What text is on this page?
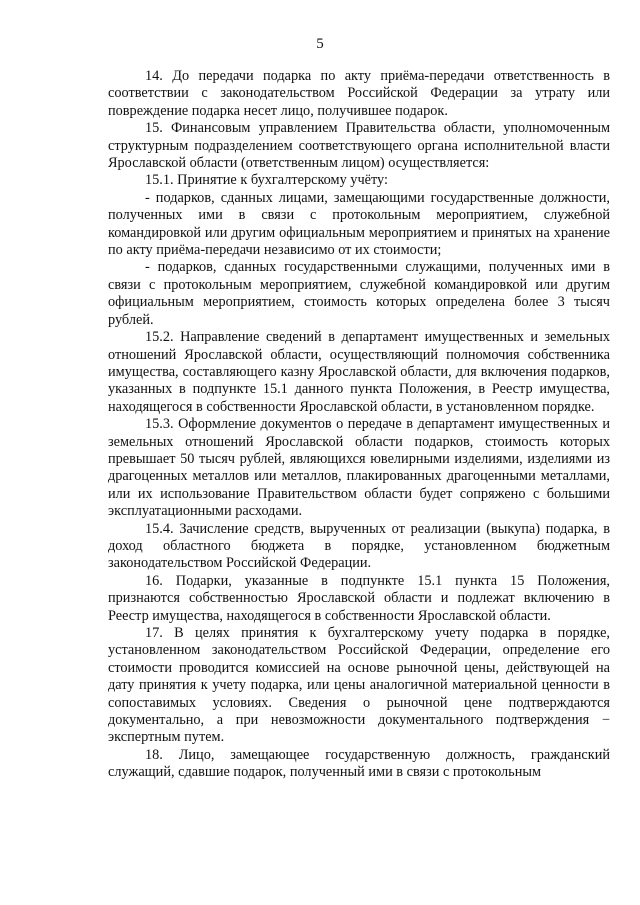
5

14. До передачи подарка по акту приёма-передачи ответственность в соответствии с законодательством Российской Федерации за утрату или повреждение подарка несет лицо, получившее подарок.

15. Финансовым управлением Правительства области, уполномоченным структурным подразделением соответствующего органа исполнительной власти Ярославской области (ответственным лицом) осуществляется:

15.1. Принятие к бухгалтерскому учёту:

- подарков, сданных лицами, замещающими государственные должности, полученных ими в связи с протокольным мероприятием, служебной командировкой или другим официальным мероприятием и принятых на хранение по акту приёма-передачи независимо от их стоимости;

- подарков, сданных государственными служащими, полученных ими в связи с протокольным мероприятием, служебной командировкой или другим официальным мероприятием, стоимость которых определена более 3 тысяч рублей.

15.2. Направление сведений в департамент имущественных и земельных отношений Ярославской области, осуществляющий полномочия собственника имущества, составляющего казну Ярославской области, для включения подарков, указанных в подпункте 15.1 данного пункта Положения, в Реестр имущества, находящегося в собственности Ярославской области, в установленном порядке.

15.3. Оформление документов о передаче в департамент имущественных и земельных отношений Ярославской области подарков, стоимость которых превышает 50 тысяч рублей, являющихся ювелирными изделиями, изделиями из драгоценных металлов или металлов, плакированных драгоценными металлами, или их использование Правительством области будет сопряжено с большими эксплуатационными расходами.

15.4. Зачисление средств, вырученных от реализации (выкупа) подарка, в доход областного бюджета в порядке, установленном бюджетным законодательством Российской Федерации.

16. Подарки, указанные в подпункте 15.1 пункта 15 Положения, признаются собственностью Ярославской области и подлежат включению в Реестр имущества, находящегося в собственности Ярославской области.

17. В целях принятия к бухгалтерскому учету подарка в порядке, установленном законодательством Российской Федерации, определение его стоимости проводится комиссией на основе рыночной цены, действующей на дату принятия к учету подарка, или цены аналогичной материальной ценности в сопоставимых условиях. Сведения о рыночной цене подтверждаются документально, а при невозможности документального подтверждения − экспертным путем.

18. Лицо, замещающее государственную должность, гражданский служащий, сдавшие подарок, полученный ими в связи с протокольным
